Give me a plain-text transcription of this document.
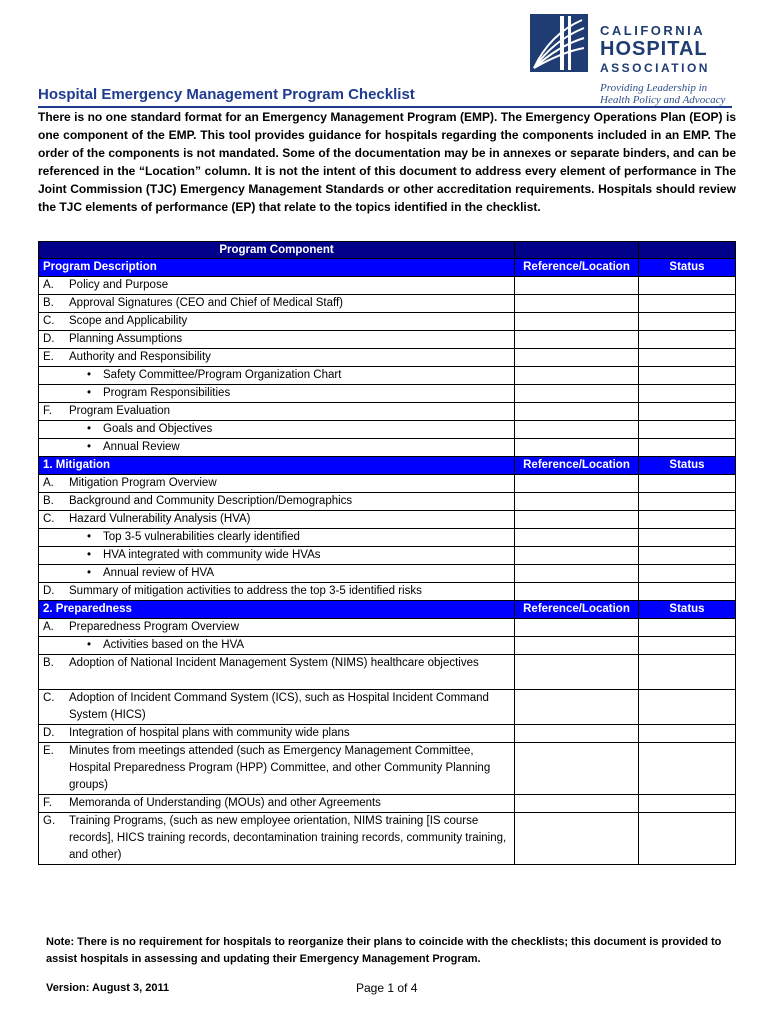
CALIFORNIA
HOSPITAL
ASSOCIATION
Providing Leadership in
Health Policy and Advocacy
Hospital Emergency Management Program Checklist
There is no one standard format for an Emergency Management Program (EMP). The Emergency Operations Plan (EOP) is one component of the EMP. This tool provides guidance for hospitals regarding the components included in an EMP. The order of the components is not mandated. Some of the documentation may be in annexes or separate binders, and can be referenced in the “Location” column. It is not the intent of this document to address every element of performance in The Joint Commission (TJC) Emergency Management Standards or other accreditation requirements. Hospitals should review the TJC elements of performance (EP) that relate to the topics identified in the checklist.
Program Component		
Program Description	Reference/Location	Status

A. Policy and Purpose		

B. Approval Signatures (CEO and Chief of Medical Staff)		

C. Scope and Applicability		

D. Planning Assumptions		

E. Authority and Responsibility		

• Safety Committee/Program Organization Chart		

• Program Responsibilities		

F. Program Evaluation		

• Goals and Objectives		

• Annual Review		

1. Mitigation	Reference/Location	Status

A. Mitigation Program Overview		

B. Background and Community Description/Demographics		

C. Hazard Vulnerability Analysis (HVA)		

• Top 3-5 vulnerabilities clearly identified		

• HVA integrated with community wide HVAs		

• Annual review of HVA		

D. Summary of mitigation activities to address the top 3-5 identified risks		

2. Preparedness	Reference/Location	Status

A. Preparedness Program Overview		

• Activities based on the HVA		

B. Adoption of National Incident Management System (NIMS) healthcare objectives		

C. Adoption of Incident Command System (ICS), such as Hospital Incident Command System (HICS)		

D. Integration of hospital plans with community wide plans		

E. Minutes from meetings attended (such as Emergency Management Committee, Hospital Preparedness Program (HPP) Committee, and other Community Planning groups)		

F. Memoranda of Understanding (MOUs) and other Agreements		

G. Training Programs, (such as new employee orientation, NIMS training [IS course records], HICS training records, decontamination training records, community training, and other)		

Note: There is no requirement for hospitals to reorganize their plans to coincide with the checklists; this document is provided to assist hospitals in assessing and updating their Emergency Management Program.
Version: August 3, 2011	Page 1 of 4
